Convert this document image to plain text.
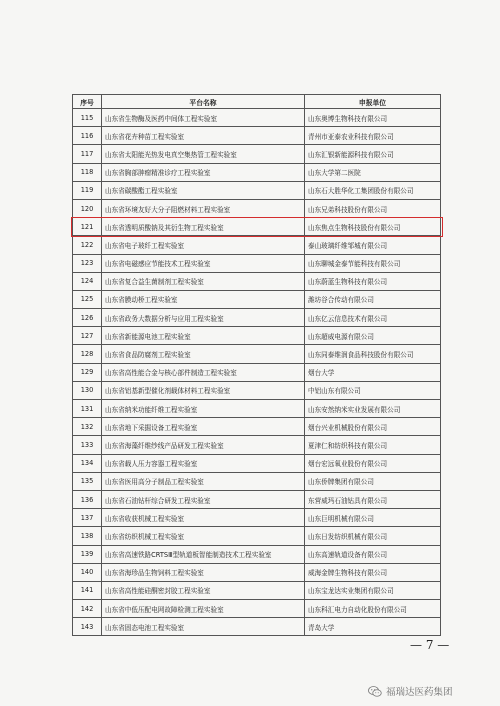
序号	平台名称	申报单位
115	山东省生物酶及医药中间体工程实验室	山东奥博生物科技有限公司
116	山东省花卉种苗工程实验室	青州市亚泰农业科技有限公司
117	山东省太阳能光热发电真空集热管工程实验室	山东汇银新能源科技有限公司
118	山东省胸部肿瘤精准诊疗工程实验室	山东大学第二医院
119	山东省碳酸酯工程实验室	山东石大胜华化工集团股份有限公司
120	山东省环境友好大分子阻燃材料工程实验室	山东兄弟科技股份有限公司
121	山东省透明质酸钠及其衍生物工程实验室	山东焦点生物科技股份有限公司
122	山东省电子玻纤工程实验室	泰山玻璃纤维邹城有限公司
123	山东省电磁感应节能技术工程实验室	山东聊城金泰节能科技有限公司
124	山东省复合益生菌制剂工程实验室	山东蔚蓝生物科技有限公司
125	山东省膜动桥工程实验室	潍坊谷合传动有限公司
126	山东省政务大数据分析与应用工程实验室	山东亿云信息技术有限公司
127	山东省新能源电池工程实验室	山东超威电源有限公司
128	山东省食品防腐剂工程实验室	山东同泰维润食品科技股份有限公司
129	山东省高性能合金与核心部件制造工程实验室	烟台大学
130	山东省铝基新型催化剂载体材料工程实验室	中铝山东有限公司
131	山东省纳米功能纤维工程实验室	山东安然纳米实业发展有限公司
132	山东省地下采掘设备工程实验室	烟台兴业机械股份有限公司
133	山东省海藻纤维纱线产品研发工程实验室	夏津仁和纺织科技有限公司
134	山东省载人压力容器工程实验室	烟台宏远氧业股份有限公司
135	山东省医用高分子制品工程实验室	山东侨牌集团有限公司
136	山东省石油钻杆综合研发工程实验室	东营威玛石油钻具有限公司
137	山东省收获机械工程实验室	山东巨明机械有限公司
138	山东省纺织机械工程实验室	山东日发纺织机械有限公司
139	山东省高速铁路CRTSⅢ型轨道板智能制造技术工程实验室	山东高速轨道设备有限公司
140	山东省海珍品生物饲料工程实验室	威海金牌生物科技有限公司
141	山东省高性能硅酮密封胶工程实验室	山东宝龙达实业集团有限公司
142	山东省中低压配电网故障检测工程实验室	山东科汇电力自动化股份有限公司
143	山东省固态电池工程实验室	青岛大学
— 7 —
福瑞达医药集团
